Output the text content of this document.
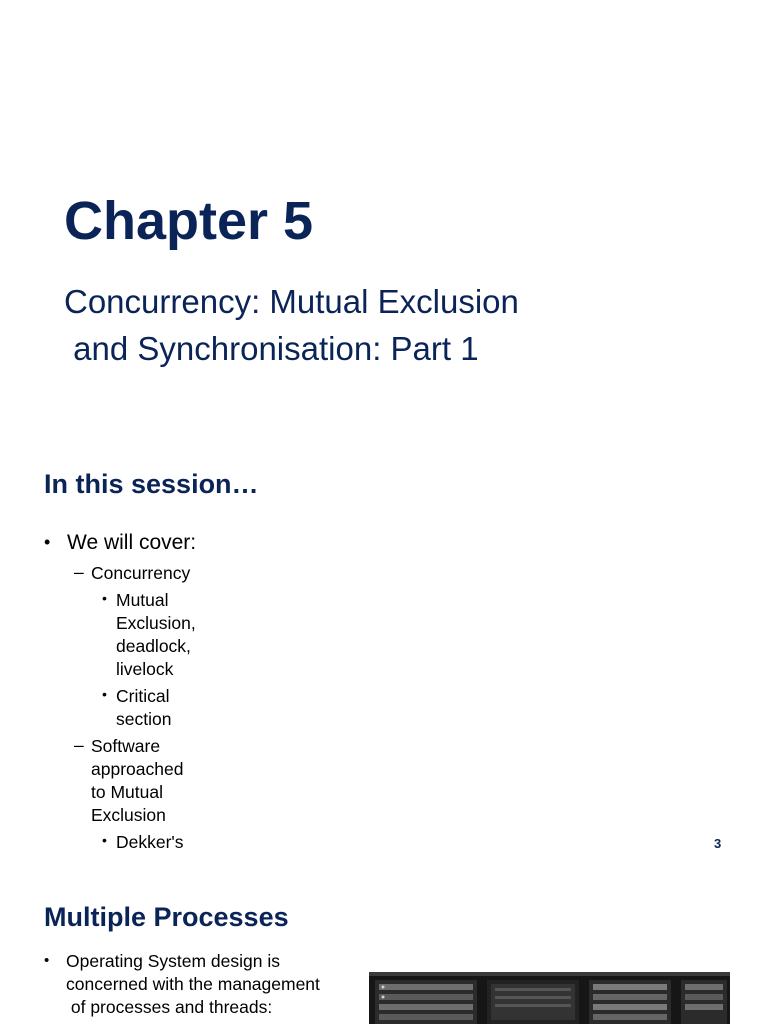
Chapter 5
Concurrency: Mutual Exclusion
and Synchronisation: Part 1
In this session…
• We will cover:
– Concurrency
• Mutual Exclusion, deadlock, livelock
• Critical section
– Software approached to Mutual Exclusion
• Dekker's	3
Multiple Processes
• Operating System design is
concerned with the management
of processes and threads:
